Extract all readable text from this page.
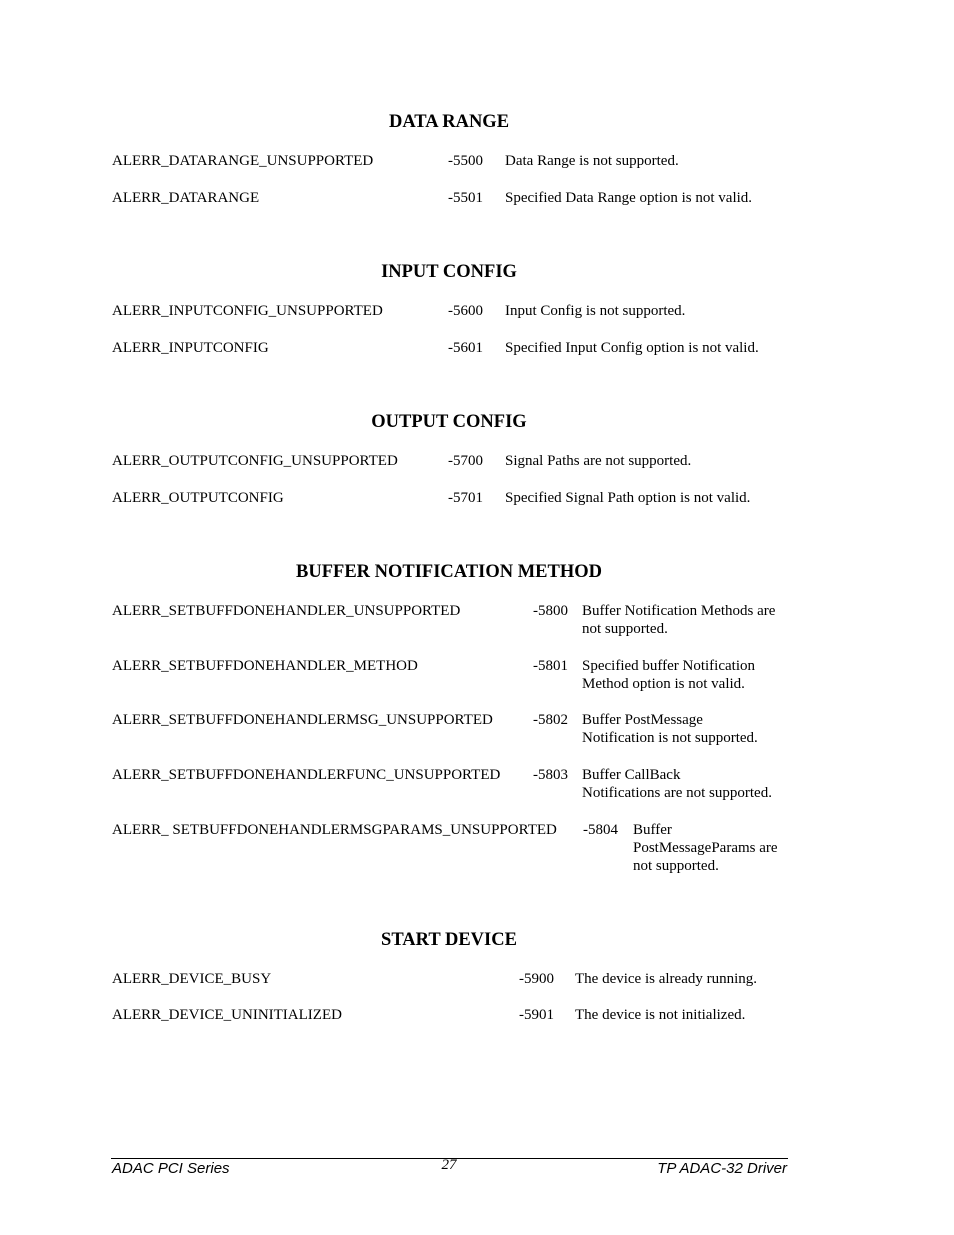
DATA RANGE
ALERR_DATARANGE_UNSUPPORTED	-5500 Data Range is not supported.
ALERR_DATARANGE	-5501 Specified Data Range option is not valid.
INPUT CONFIG
ALERR_INPUTCONFIG_UNSUPPORTED	-5600 Input Config is not supported.
ALERR_INPUTCONFIG	-5601 Specified Input Config option is not valid.
OUTPUT CONFIG
ALERR_OUTPUTCONFIG_UNSUPPORTED	-5700 Signal Paths are not supported.
ALERR_OUTPUTCONFIG	-5701 Specified Signal Path option is not valid.
BUFFER NOTIFICATION METHOD
ALERR_SETBUFFDONEHANDLER_UNSUPPORTED	-5800 Buffer Notification Methods are
not supported.
ALERR_SETBUFFDONEHANDLER_METHOD	-5801 Specified buffer Notification
Method option is not valid.
ALERR_SETBUFFDONEHANDLERMSG_UNSUPPORTED	-5802 Buffer PostMessage
Notification is not supported.
ALERR_SETBUFFDONEHANDLERFUNC_UNSUPPORTED -5803 Buffer CallBack
Notifications are not supported.
ALERR_ SETBUFFDONEHANDLERMSGPARAMS_UNSUPPORTED -5804 Buffer
PostMessageParams are
not supported.
START DEVICE
ALERR_DEVICE_BUSY	-5900 The device is already running.
ALERR_DEVICE_UNINITIALIZED	-5901 The device is not initialized.
ADAC PCI Series	27	TP ADAC-32 Driver
